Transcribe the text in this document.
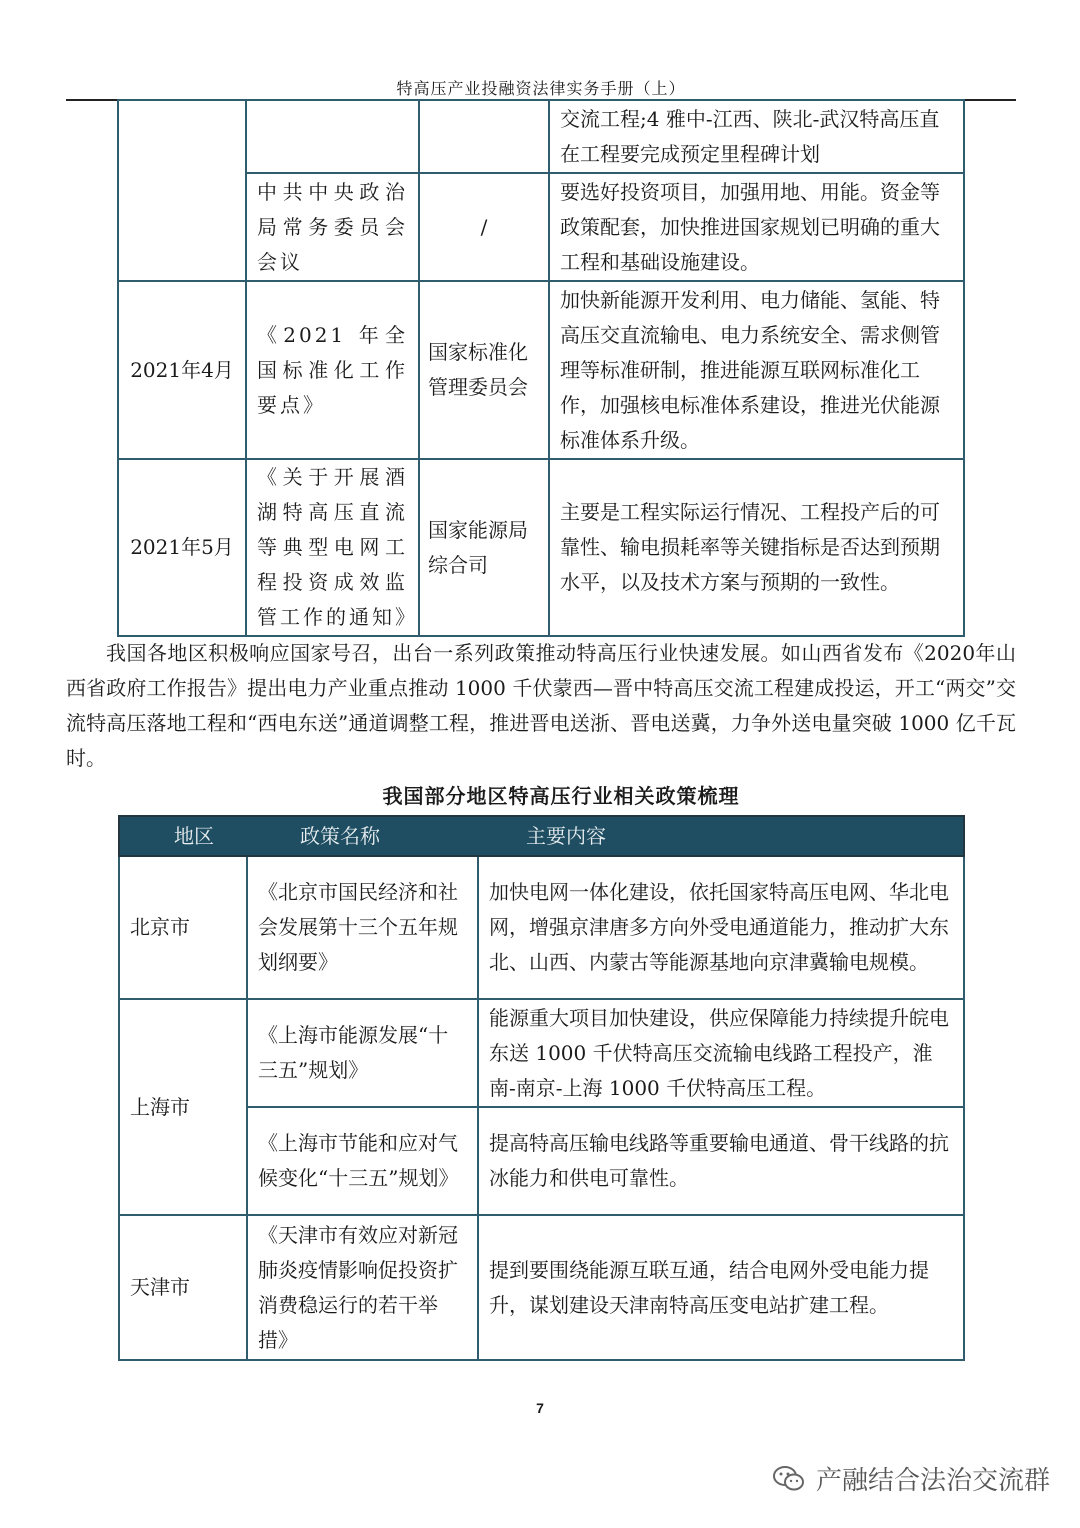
特高压产业投融资法律实务手册（上）
			交流工程;4 雅中-江西、陕北-武汉特高压直在工程要完成预定里程碑计划
	中共中央政治局常务委员会会议	/	要选好投资项目，加强用地、用能。资金等政策配套，加快推进国家规划已明确的重大工程和基础设施建设。
2021年4月	《2021 年全国标准化工作要点》	国家标准化管理委员会	加快新能源开发利用、电力储能、氢能、特高压交直流输电、电力系统安全、需求侧管理等标准研制，推进能源互联网标准化工作，加强核电标准体系建设，推进光伏能源标准体系升级。
2021年5月	《关于开展酒湖特高压直流等典型电网工程投资成效监管工作的通知》	国家能源局综合司	主要是工程实际运行情况、工程投产后的可靠性、输电损耗率等关键指标是否达到预期水平，以及技术方案与预期的一致性。

我国各地区积极响应国家号召，出台一系列政策推动特高压行业快速发展。如山西省发布《2020年山西省政府工作报告》提出电力产业重点推动 1000 千伏蒙西—晋中特高压交流工程建成投运，开工“两交”交流特高压落地工程和“西电东送”通道调整工程，推进晋电送浙、晋电送冀，力争外送电量突破 1000 亿千瓦时。

我国部分地区特高压行业相关政策梳理
地区 政策名称 主要内容		
北京市	《北京市国民经济和社会发展第十三个五年规划纲要》	加快电网一体化建设，依托国家特高压电网、华北电网，增强京津唐多方向外受电通道能力，推动扩大东北、山西、内蒙古等能源基地向京津冀输电规模。
上海市	《上海市能源发展“十三五”规划》	能源重大项目加快建设，供应保障能力持续提升皖电东送 1000 千伏特高压交流输电线路工程投产，淮南-南京-上海 1000 千伏特高压工程。
	《上海市节能和应对气候变化“十三五”规划》	提高特高压输电线路等重要输电通道、骨干线路的抗冰能力和供电可靠性。
天津市	《天津市有效应对新冠肺炎疫情影响促投资扩消费稳运行的若干举措》	提到要围绕能源互联互通，结合电网外受电能力提升，谋划建设天津南特高压变电站扩建工程。
7
产融结合法治交流群
